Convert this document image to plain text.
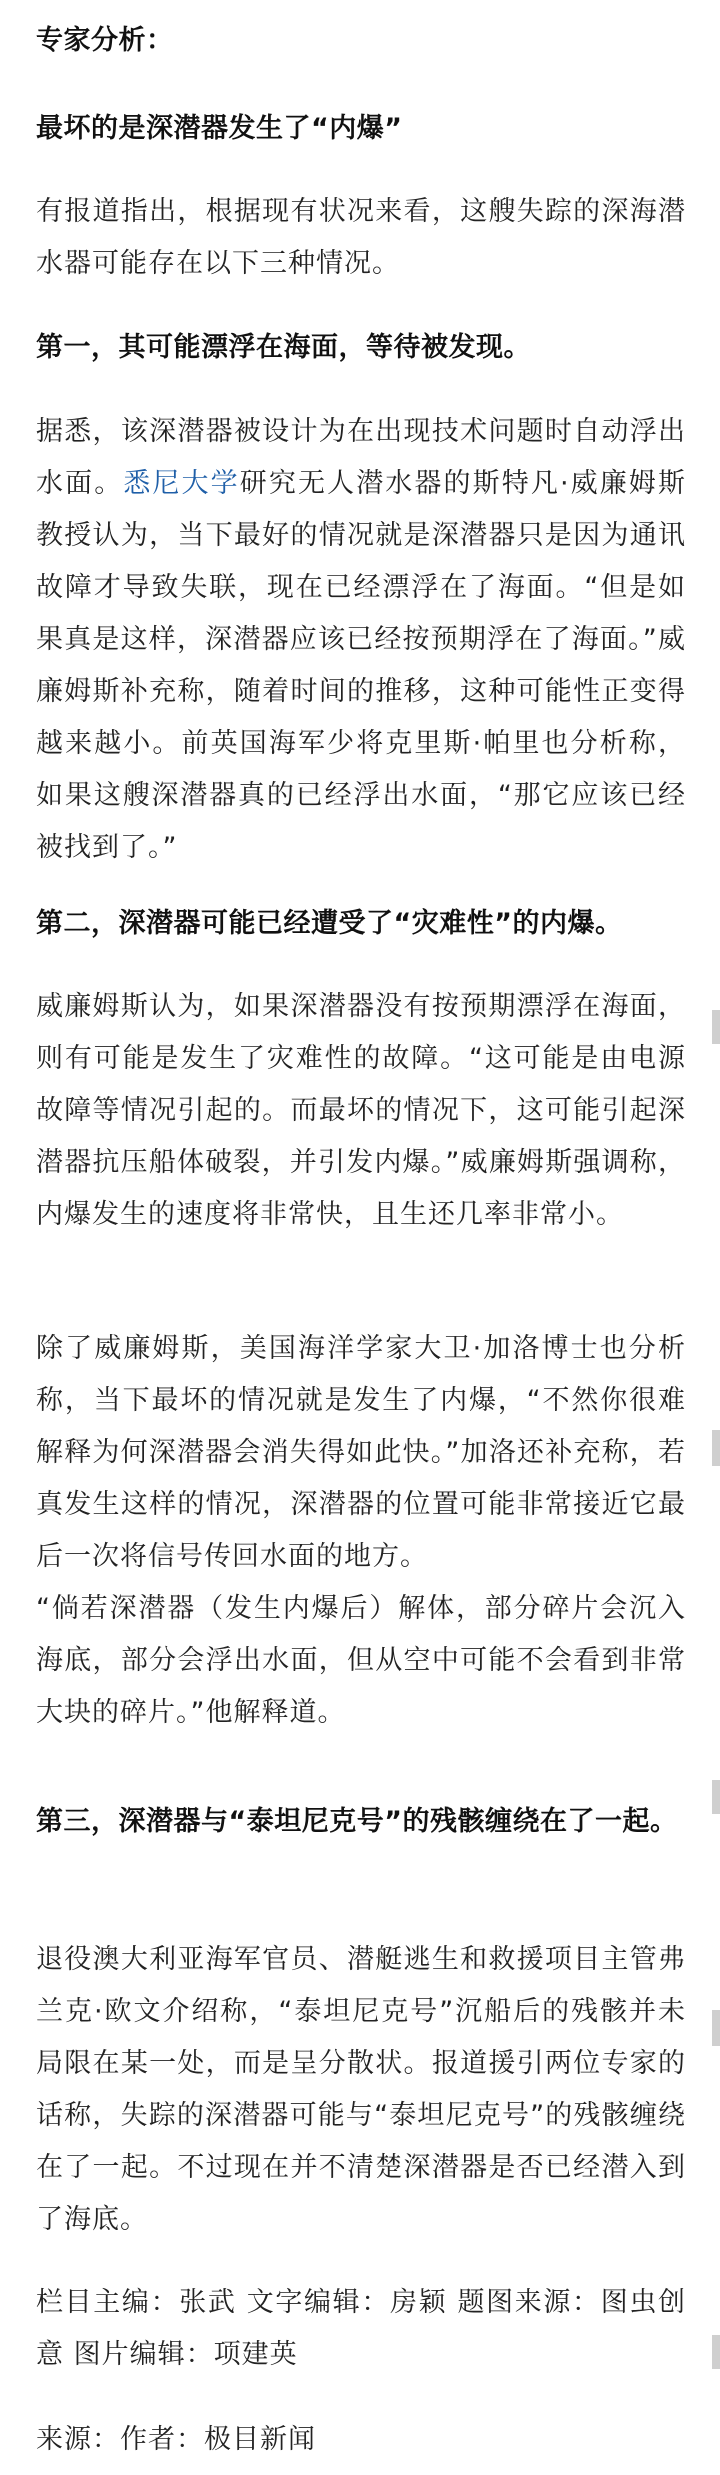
专家分析：
最坏的是深潜器发生了“内爆”

有报道指出，根据现有状况来看，这艘失踪的深海潜水器可能存在以下三种情况。

第一，其可能漂浮在海面，等待被发现。

据悉，该深潜器被设计为在出现技术问题时自动浮出水面。悉尼大学研究无人潜水器的斯特凡·威廉姆斯教授认为，当下最好的情况就是深潜器只是因为通讯故障才导致失联，现在已经漂浮在了海面。“但是如果真是这样，深潜器应该已经按预期浮在了海面。”威廉姆斯补充称，随着时间的推移，这种可能性正变得越来越小。前英国海军少将克里斯·帕里也分析称，如果这艘深潜器真的已经浮出水面，“那它应该已经被找到了。”

第二，深潜器可能已经遭受了“灾难性”的内爆。

威廉姆斯认为，如果深潜器没有按预期漂浮在海面，则有可能是发生了灾难性的故障。“这可能是由电源故障等情况引起的。而最坏的情况下，这可能引起深潜器抗压船体破裂，并引发内爆。”威廉姆斯强调称，内爆发生的速度将非常快，且生还几率非常小。

除了威廉姆斯，美国海洋学家大卫·加洛博士也分析称，当下最坏的情况就是发生了内爆，“不然你很难解释为何深潜器会消失得如此快。”加洛还补充称，若真发生这样的情况，深潜器的位置可能非常接近它最后一次将信号传回水面的地方。

“倘若深潜器（发生内爆后）解体，部分碎片会沉入海底，部分会浮出水面，但从空中可能不会看到非常大块的碎片。”他解释道。

第三，深潜器与“泰坦尼克号”的残骸缠绕在了一起。

退役澳大利亚海军官员、潜艇逃生和救援项目主管弗兰克·欧文介绍称，“泰坦尼克号”沉船后的残骸并未局限在某一处，而是呈分散状。报道援引两位专家的话称，失踪的深潜器可能与“泰坦尼克号”的残骸缠绕在了一起。不过现在并不清楚深潜器是否已经潜入到了海底。

栏目主编：张武 文字编辑：房颖 题图来源：图虫创意 图片编辑：项建英

来源：作者：极目新闻
